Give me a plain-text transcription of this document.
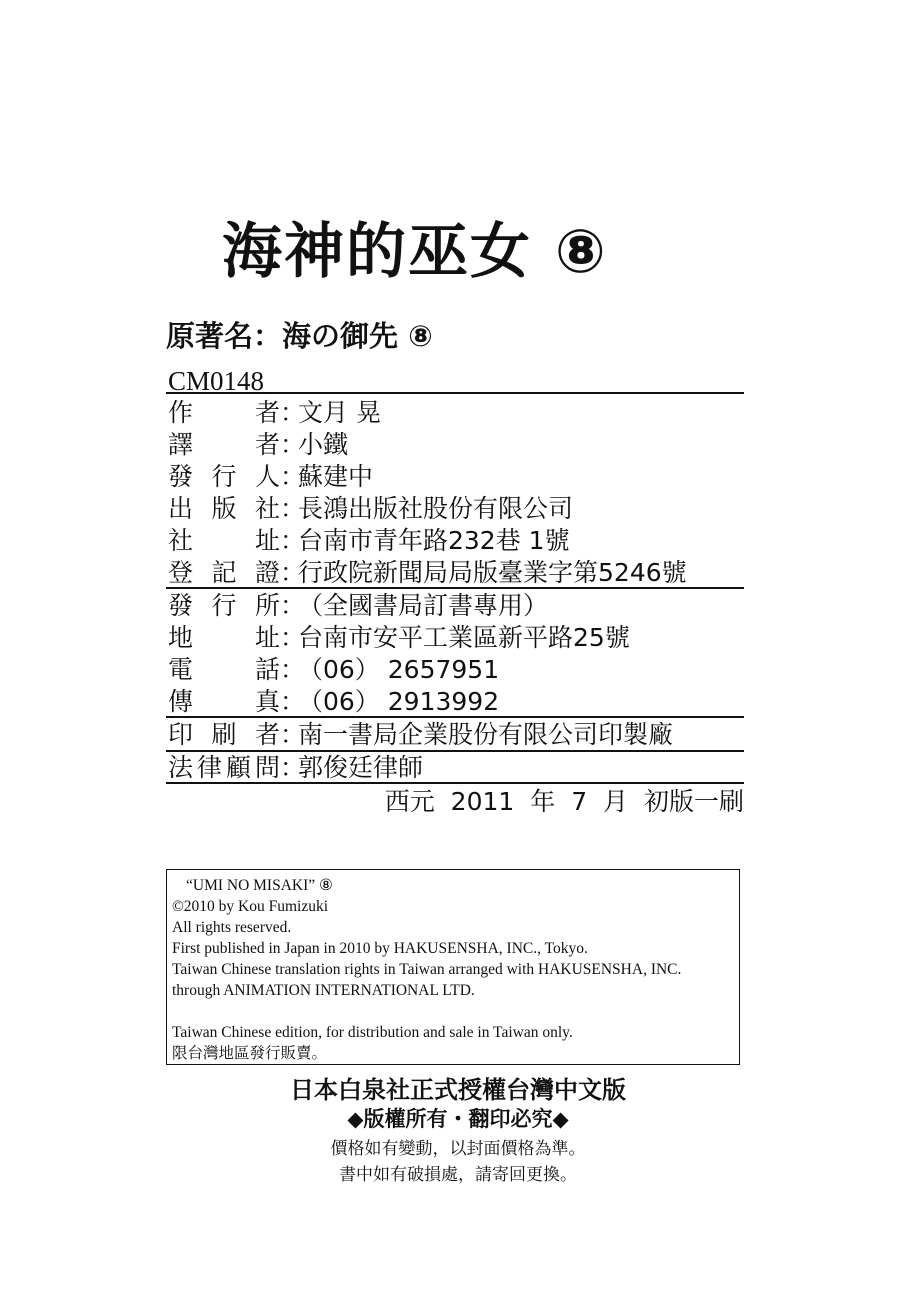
海神的巫女 ⑧
原著名：海の御先 ⑧
CM0148
作 者 ：
文月 晃
譯 者 ：
小鐵
發 行 人 ：
蘇建中
出 版 社 ：
長鴻出版社股份有限公司
社 址 ：
台南市青年路232巷 1號
登 記 證 ：
行政院新聞局局版臺業字第5246號
發 行 所 ：
（全國書局訂書專用）
地 址 ：
台南市安平工業區新平路25號
電 話 ：
（06） 2657951
傳 真 ：
（06） 2913992
印 刷 者 ：
南一書局企業股份有限公司印製廠
法 律 顧 問 ：
郭俊廷律師
西元 2011 年 7 月 初版一刷
“UMI NO MISAKI” ⑧
©2010 by Kou Fumizuki
All rights reserved.
First published in Japan in 2010 by HAKUSENSHA, INC., Tokyo.
Taiwan Chinese translation rights in Taiwan arranged with HAKUSENSHA, INC.
through ANIMATION INTERNATIONAL LTD.
Taiwan Chinese edition, for distribution and sale in Taiwan only.
限台灣地區發行販賣。
日本白泉社正式授權台灣中文版
◆版權所有・翻印必究◆
價格如有變動，以封面價格為準。
書中如有破損處，請寄回更換。
